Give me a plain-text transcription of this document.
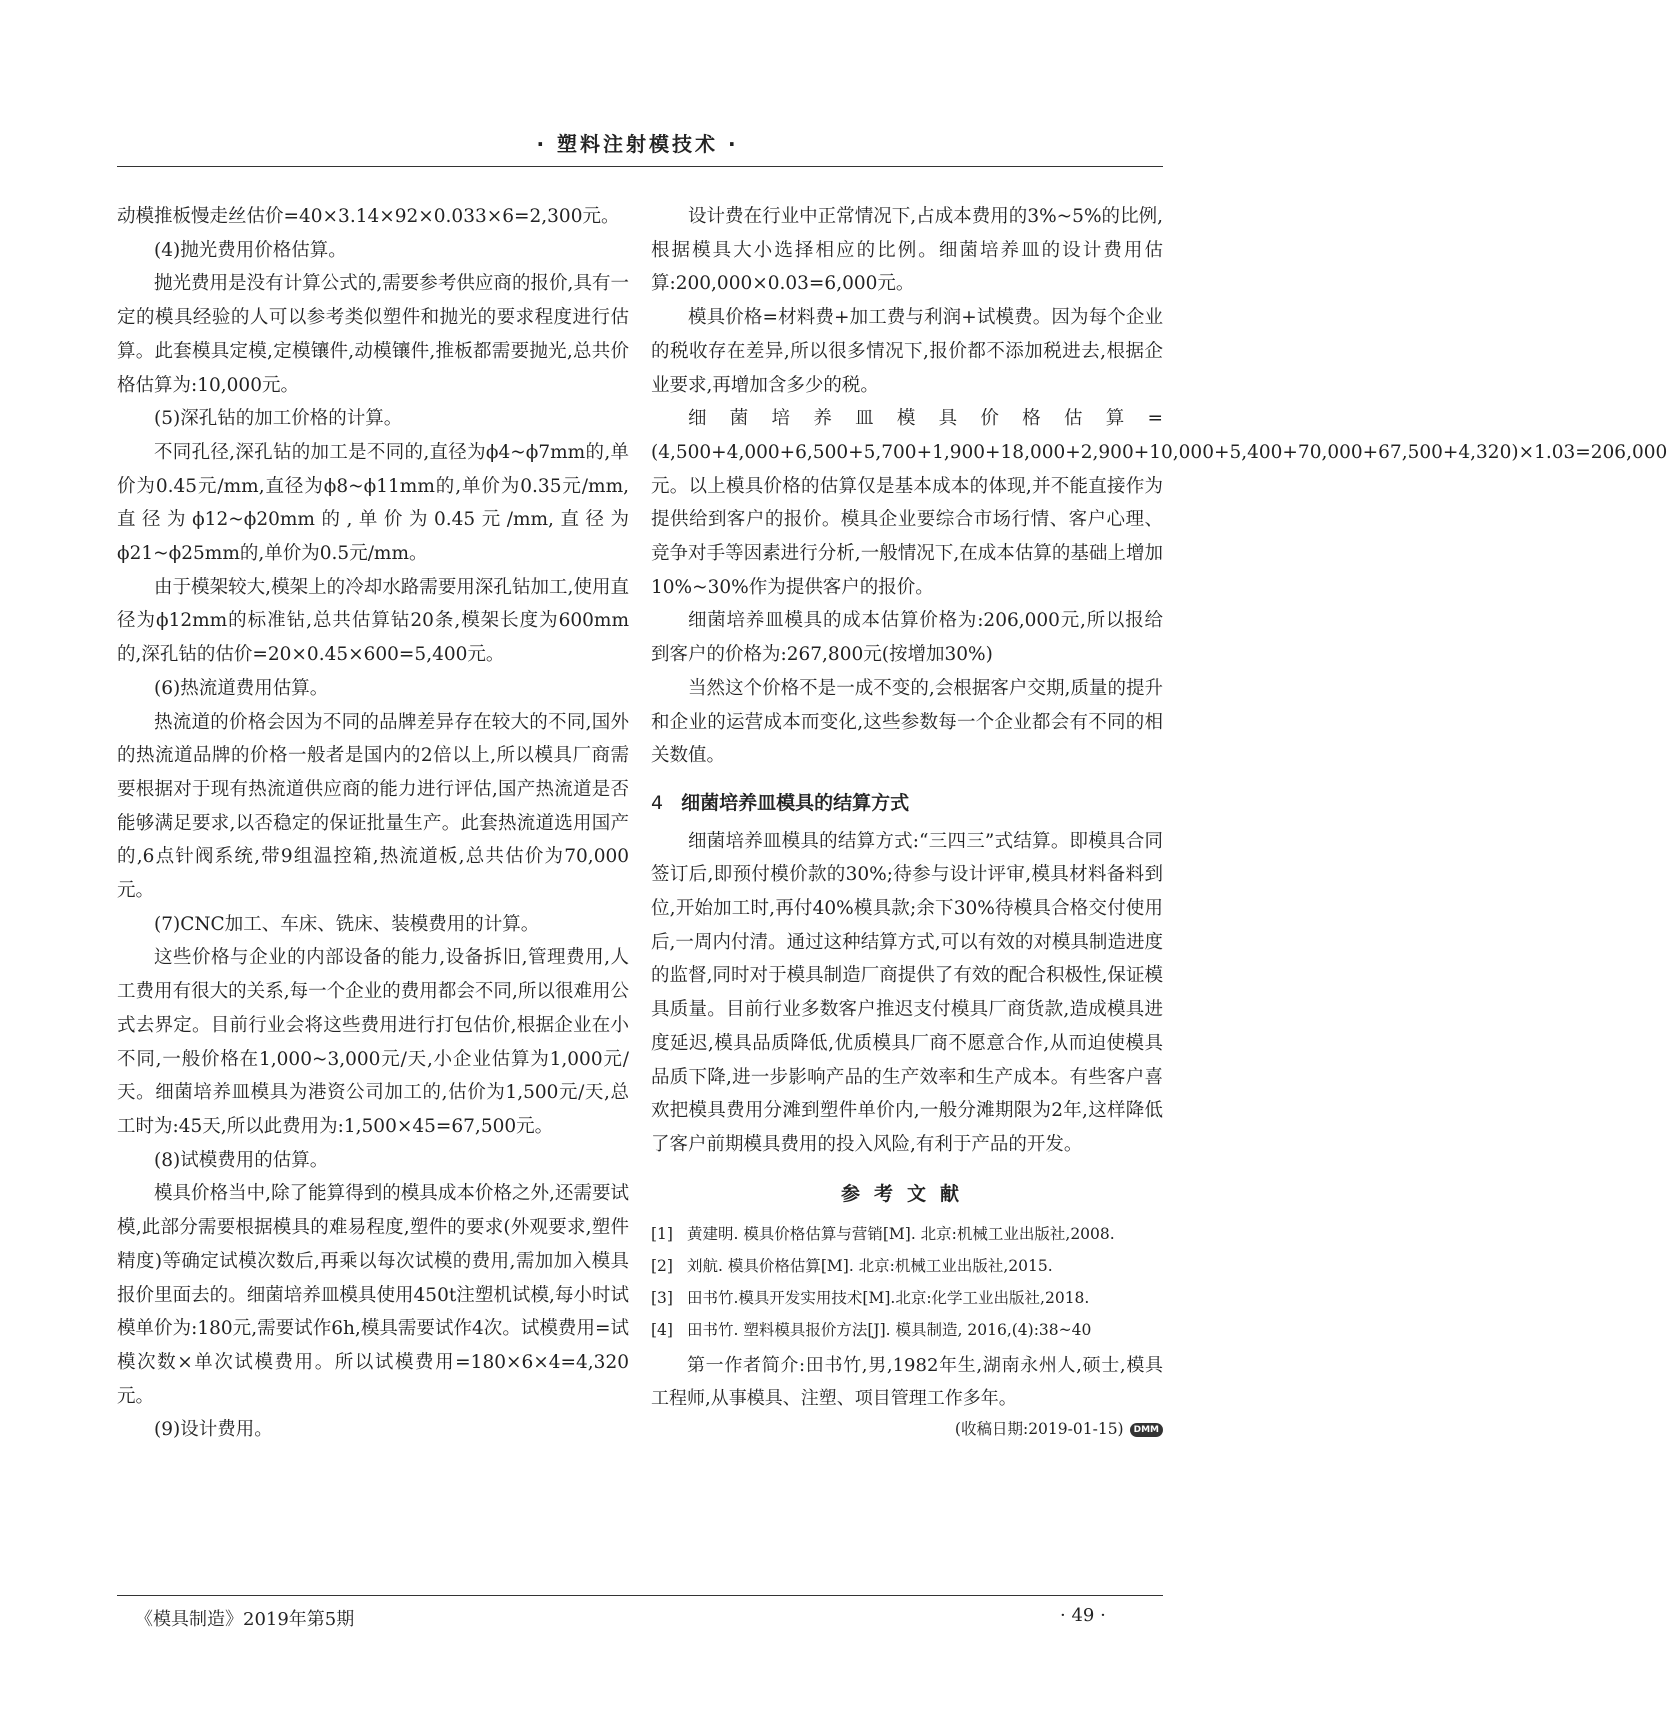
· 塑料注射模技术 ·

动模推板慢走丝估价=40×3.14×92×0.033×6=2,300元。

(4)抛光费用价格估算。

抛光费用是没有计算公式的,需要参考供应商的报价,具有一定的模具经验的人可以参考类似塑件和抛光的要求程度进行估算。此套模具定模,定模镶件,动模镶件,推板都需要抛光,总共价格估算为:10,000元。

(5)深孔钻的加工价格的计算。

不同孔径,深孔钻的加工是不同的,直径为ϕ4~ϕ7mm的,单价为0.45元/mm,直径为ϕ8~ϕ11mm的,单价为0.35元/mm,直径为ϕ12~ϕ20mm的,单价为0.45元/mm,直径为ϕ21~ϕ25mm的,单价为0.5元/mm。

由于模架较大,模架上的冷却水路需要用深孔钻加工,使用直径为ϕ12mm的标准钻,总共估算钻20条,模架长度为600mm的,深孔钻的估价=20×0.45×600=5,400元。

(6)热流道费用估算。

热流道的价格会因为不同的品牌差异存在较大的不同,国外的热流道品牌的价格一般者是国内的2倍以上,所以模具厂商需要根据对于现有热流道供应商的能力进行评估,国产热流道是否能够满足要求,以否稳定的保证批量生产。此套热流道选用国产的,6点针阀系统,带9组温控箱,热流道板,总共估价为70,000元。

(7)CNC加工、车床、铣床、装模费用的计算。

这些价格与企业的内部设备的能力,设备拆旧,管理费用,人工费用有很大的关系,每一个企业的费用都会不同,所以很难用公式去界定。目前行业会将这些费用进行打包估价,根据企业在小不同,一般价格在1,000~3,000元/天,小企业估算为1,000元/天。细菌培养皿模具为港资公司加工的,估价为1,500元/天,总工时为:45天,所以此费用为:1,500×45=67,500元。

(8)试模费用的估算。

模具价格当中,除了能算得到的模具成本价格之外,还需要试模,此部分需要根据模具的难易程度,塑件的要求(外观要求,塑件精度)等确定试模次数后,再乘以每次试模的费用,需加加入模具报价里面去的。细菌培养皿模具使用450t注塑机试模,每小时试模单价为:180元,需要试作6h,模具需要试作4次。试模费用=试模次数×单次试模费用。所以试模费用=180×6×4=4,320元。

(9)设计费用。

设计费在行业中正常情况下,占成本费用的3%~5%的比例,根据模具大小选择相应的比例。细菌培养皿的设计费用估算:200,000×0.03=6,000元。

模具价格=材料费+加工费与利润+试模费。因为每个企业的税收存在差异,所以很多情况下,报价都不添加税进去,根据企业要求,再增加含多少的税。

细菌培养皿模具价格估算=(4,500+4,000+6,500+5,700+1,900+18,000+2,900+10,000+5,400+70,000+67,500+4,320)×1.03=206,000元。以上模具价格的估算仅是基本成本的体现,并不能直接作为提供给到客户的报价。模具企业要综合市场行情、客户心理、竞争对手等因素进行分析,一般情况下,在成本估算的基础上增加10%~30%作为提供客户的报价。

细菌培养皿模具的成本估算价格为:206,000元,所以报给到客户的价格为:267,800元(按增加30%)

当然这个价格不是一成不变的,会根据客户交期,质量的提升和企业的运营成本而变化,这些参数每一个企业都会有不同的相关数值。

4 细菌培养皿模具的结算方式

细菌培养皿模具的结算方式:“三四三”式结算。即模具合同签订后,即预付模价款的30%;待参与设计评审,模具材料备料到位,开始加工时,再付40%模具款;余下30%待模具合格交付使用后,一周内付清。通过这种结算方式,可以有效的对模具制造进度的监督,同时对于模具制造厂商提供了有效的配合积极性,保证模具质量。目前行业多数客户推迟支付模具厂商货款,造成模具进度延迟,模具品质降低,优质模具厂商不愿意合作,从而迫使模具品质下降,进一步影响产品的生产效率和生产成本。有些客户喜欢把模具费用分滩到塑件单价内,一般分滩期限为2年,这样降低了客户前期模具费用的投入风险,有利于产品的开发。

参考文献

[1] 黄建明. 模具价格估算与营销[M]. 北京:机械工业出版社,2008.

[2] 刘航. 模具价格估算[M]. 北京:机械工业出版社,2015.

[3] 田书竹.模具开发实用技术[M].北京:化学工业出版社,2018.

[4] 田书竹. 塑料模具报价方法[J]. 模具制造, 2016,(4):38~40

第一作者简介:田书竹,男,1982年生,湖南永州人,硕士,模具工程师,从事模具、注塑、项目管理工作多年。

(收稿日期:2019-01-15) DMM

《模具制造》2019年第5期	· 49 ·
